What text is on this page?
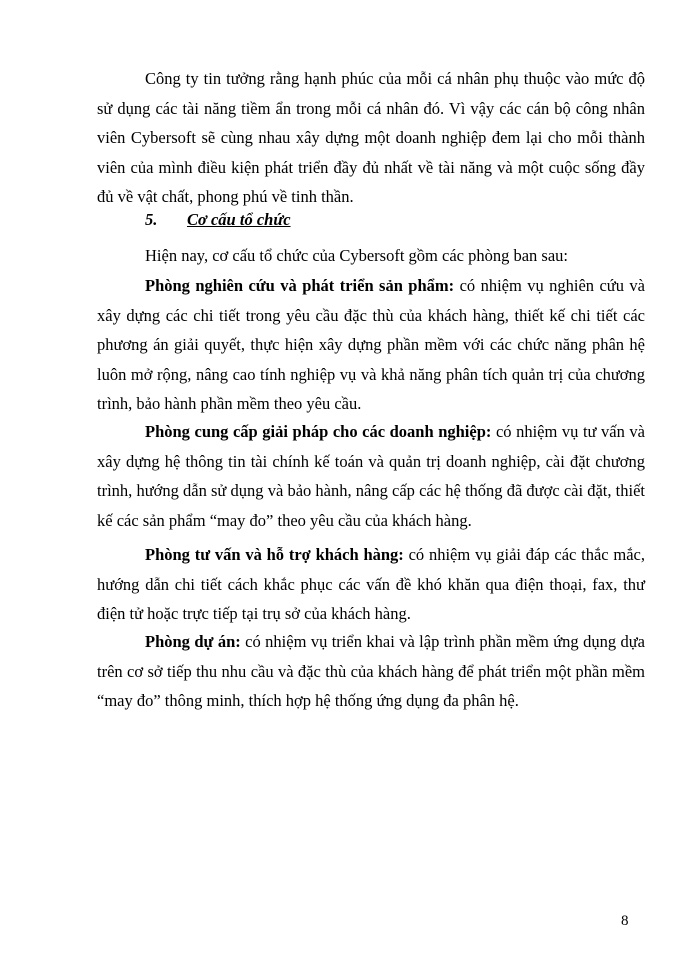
Công ty tin tưởng rằng hạnh phúc của mỗi cá nhân phụ thuộc vào mức độ sử dụng các tài năng tiềm ẩn trong mỗi cá nhân đó. Vì vậy các cán bộ công nhân viên Cybersoft sẽ cùng nhau xây dựng một doanh nghiệp đem lại cho mỗi thành viên của mình điều kiện phát triển đầy đủ nhất về tài năng và một cuộc sống đầy đủ về vật chất, phong phú về tinh thần.

5. Cơ cấu tổ chức

Hiện nay, cơ cấu tổ chức của Cybersoft gồm các phòng ban sau:

Phòng nghiên cứu và phát triển sản phẩm: có nhiệm vụ nghiên cứu và xây dựng các chi tiết trong yêu cầu đặc thù của khách hàng, thiết kế chi tiết các phương án giải quyết, thực hiện xây dựng phần mềm với các chức năng phân hệ luôn mở rộng, nâng cao tính nghiệp vụ và khả năng phân tích quản trị của chương trình, bảo hành phần mềm theo yêu cầu.

Phòng cung cấp giải pháp cho các doanh nghiệp: có nhiệm vụ tư vấn và xây dựng hệ thông tin tài chính kế toán và quản trị doanh nghiệp, cài đặt chương trình, hướng dẫn sử dụng và bảo hành, nâng cấp các hệ thống đã được cài đặt, thiết kế các sản phẩm “may đo” theo yêu cầu của khách hàng.

Phòng tư vấn và hỗ trợ khách hàng: có nhiệm vụ giải đáp các thắc mắc, hướng dẫn chi tiết cách khắc phục các vấn đề khó khăn qua điện thoại, fax, thư điện tử hoặc trực tiếp tại trụ sở của khách hàng.

Phòng dự án: có nhiệm vụ triển khai và lập trình phần mềm ứng dụng dựa trên cơ sở tiếp thu nhu cầu và đặc thù của khách hàng để phát triển một phần mềm “may đo” thông minh, thích hợp hệ thống ứng dụng đa phân hệ.

8
